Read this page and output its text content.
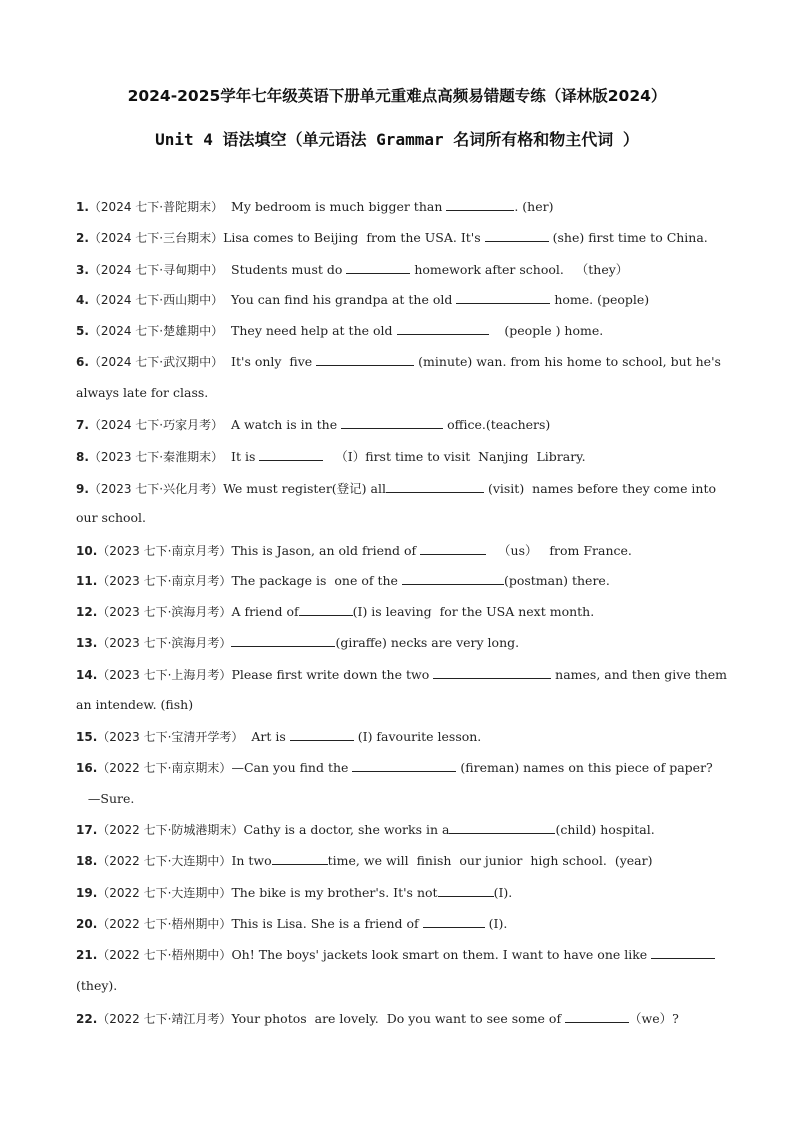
2024-2025学年七年级英语下册单元重难点高频易错题专练（译林版2024）
Unit 4 语法填空（单元语法 Grammar 名词所有格和物主代词 ）
1.（2024 七下·普陀期末）  My bedroom is much bigger than	. (her)
2.（2024 七下·三台期末）Lisa comes to Beijing  from the USA. It's	(she) first time to China.
3.（2024 七下·寻甸期中）  Students must do	homework after school.   （they）
4.（2024 七下·西山期中）  You can find his grandpa at the old	home. (people)
5.（2024 七下·楚雄期中）  They need help at the old	(people ) home.
6.（2024 七下·武汉期中）  It's only  five	(minute) wan. from his home to school, but he's
always late for class.
7.（2024 七下·巧家月考）  A watch is in the	office.(teachers)
8.（2023 七下·秦淮期末）  It is	（I）first time to visit  Nanjing  Library.
9.（2023 七下·兴化月考）We must register(登记) all	(visit)  names before they come into
our school.
10.（2023 七下·南京月考）This is Jason, an old friend of	（us）   from France.
11.（2023 七下·南京月考）The package is  one of the	(postman) there.
12.（2023 七下·滨海月考）A friend of	(I) is leaving  for the USA next month.
13.（2023 七下·滨海月考）	(giraffe) necks are very long.
14.（2023 七下·上海月考）Please first write down the two	names, and then give them
an intendew. (fish)
15.（2023 七下·宝清开学考）  Art is	(I) favourite lesson.
16.（2022 七下·南京期末）—Can you find the	(fireman) names on this piece of paper?
—Sure.
17.（2022 七下·防城港期末）Cathy is a doctor, she works in a	(child) hospital.
18.（2022 七下·大连期中）In two	time, we will  finish  our junior  high school.  (year)
19.（2022 七下·大连期中）The bike is my brother's. It's not	(I).
20.（2022 七下·梧州期中）This is Lisa. She is a friend of	(I).
21.（2022 七下·梧州期中）Oh! The boys' jackets look smart on them. I want to have one like
(they).
22.（2022 七下·靖江月考）Your photos  are lovely.  Do you want to see some of	（we）?
